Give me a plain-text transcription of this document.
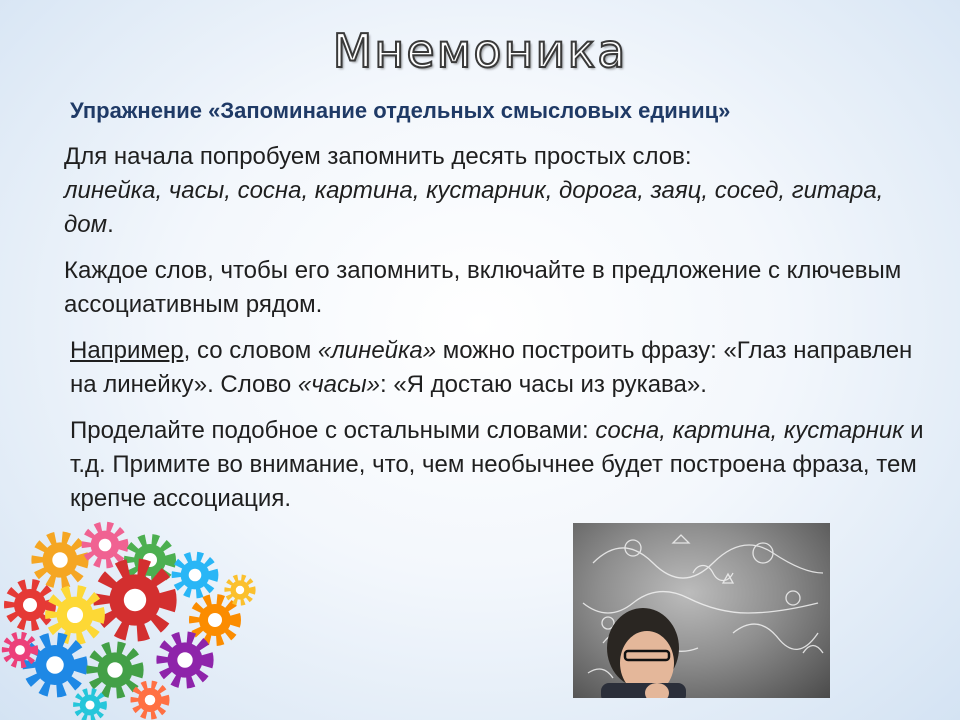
Мнемоника
Упражнение «Запоминание отдельных смысловых единиц»

Для начала попробуем запомнить десять простых слов:
линейка, часы, сосна, картина, кустарник, дорога, заяц, сосед, гитара, дом.

Каждое слов, чтобы его запомнить, включайте в предложение с ключевым ассоциативным рядом.

Например, со словом «линейка» можно построить фразу: «Глаз направлен на линейку». Слово «часы»: «Я достаю часы из рукава».

Проделайте подобное с остальными словами: сосна, картина, кустарник и т.д. Примите во внимание, что, чем необычнее будет построена фраза, тем крепче ассоциация.
